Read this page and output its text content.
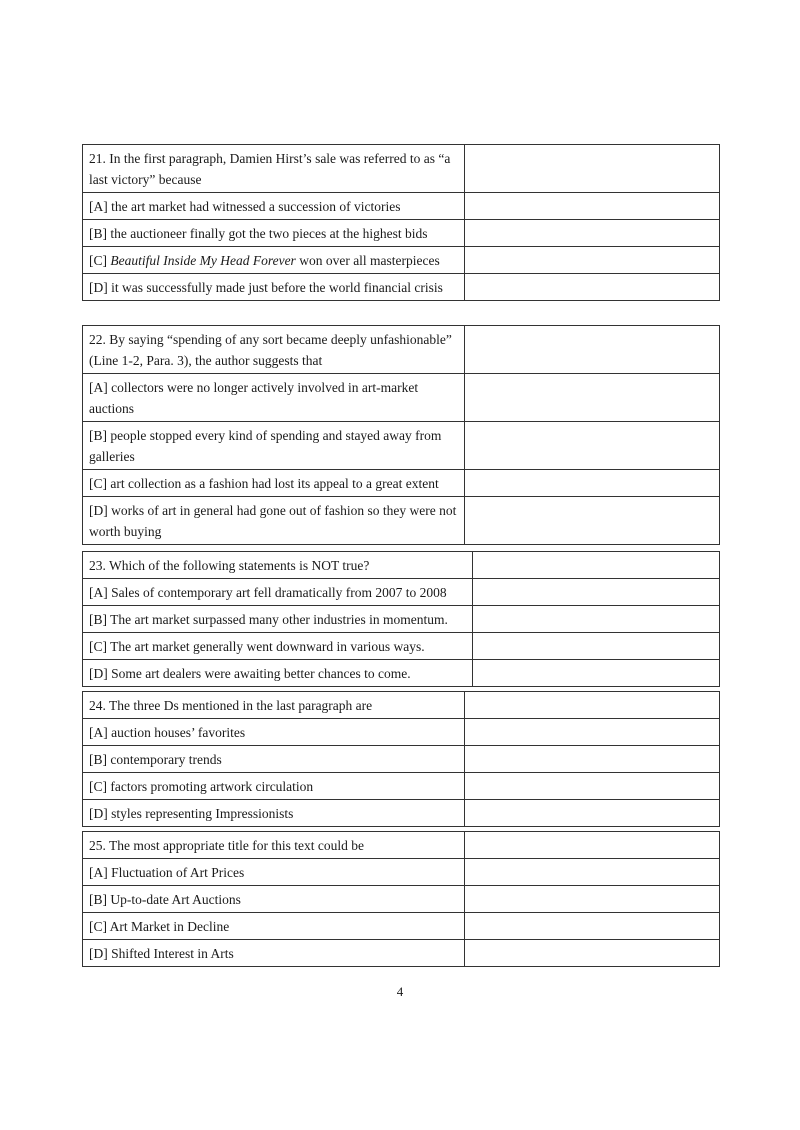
21. In the first paragraph, Damien Hirst’s sale was referred to as “a last victory” because	
[A] the art market had witnessed a succession of victories	
[B] the auctioneer finally got the two pieces at the highest bids	
[C] Beautiful Inside My Head Forever won over all masterpieces	
[D] it was successfully made just before the world financial crisis	
22. By saying “spending of any sort became deeply unfashionable” (Line 1-2, Para. 3), the author suggests that	
[A] collectors were no longer actively involved in art-market auctions	
[B] people stopped every kind of spending and stayed away from galleries	
[C] art collection as a fashion had lost its appeal to a great extent	
[D] works of art in general had gone out of fashion so they were not worth buying	
23. Which of the following statements is NOT true?	
[A] Sales of contemporary art fell dramatically from 2007 to 2008	
[B] The art market surpassed many other industries in momentum.	
[C] The art market generally went downward in various ways.	
[D] Some art dealers were awaiting better chances to come.	
24. The three Ds mentioned in the last paragraph are	
[A] auction houses’ favorites	
[B] contemporary trends	
[C] factors promoting artwork circulation	
[D] styles representing Impressionists	
25. The most appropriate title for this text could be	
[A] Fluctuation of Art Prices	
[B] Up-to-date Art Auctions	
[C] Art Market in Decline	
[D] Shifted Interest in Arts	
4
